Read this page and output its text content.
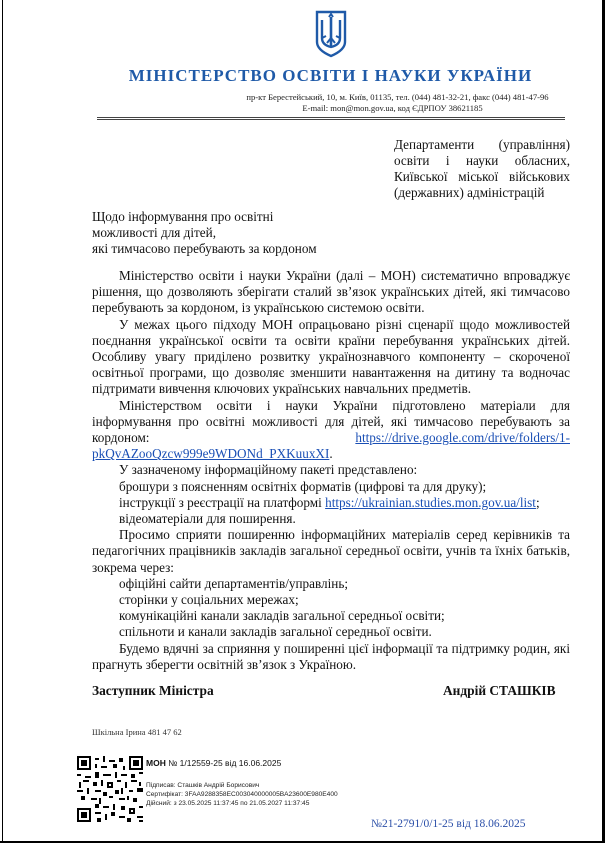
МІНІСТЕРСТВО ОСВІТИ І НАУКИ УКРАЇНИ
пр-кт Берестейський, 10, м. Київ, 01135, тел. (044) 481-32-21, факс (044) 481-47-96
E-mail: mon@mon.gov.ua, код ЄДРПОУ 38621185
Департаменти (управління)
освіти і науки обласних,
Київської міської військових
(державних) адміністрацій
Щодо інформування про освітні
можливості для дітей,
які тимчасово перебувають за кордоном

Міністерство освіти і науки України (далі – МОН) систематично впроваджує рішення, що дозволяють зберігати сталий зв’язок українських дітей, які тимчасово перебувають за кордоном, із українською системою освіти.

У межах цього підходу МОН опрацьовано різні сценарії щодо можливостей поєднання української освіти та освіти країни перебування українських дітей. Особливу увагу приділено розвитку українознавчого компоненту – скороченої освітньої програми, що дозволяє зменшити навантаження на дитину та водночас підтримати вивчення ключових українських навчальних предметів.

Міністерством освіти і науки України підготовлено матеріали для інформування про освітні можливості для дітей, які тимчасово перебувають за кордоном:	https://drive.google.com/drive/folders/1-pkQvAZooQzcw999e9WDONd_PXKuuxXI.

У зазначеному інформаційному пакеті представлено:

брошури з поясненням освітніх форматів (цифрові та для друку);
інструкції з реєстрації на платформі https://ukrainian.studies.mon.gov.ua/list;
відеоматеріали для поширення.

Просимо сприяти поширенню інформаційних матеріалів серед керівників та педагогічних працівників закладів загальної середньої освіти, учнів та їхніх батьків, зокрема через:

офіційні сайти департаментів/управлінь;
сторінки у соціальних мережах;
комунікаційні канали закладів загальної середньої освіти;
спільноти и канали закладів загальної середньої освіти.

Будемо вдячні за сприяння у поширенні цієї інформації та підтримку родин, які прагнуть зберегти освітній зв’язок з Україною.

Заступник Міністра	Андрій СТАШКІВ
Шкільна Ірина 481 47 62
МОН № 1/12559-25 від 16.06.2025
Підписав: Сташків Андрій Борисович
Сертифікат: 3FAA9288358EC003040000005BA23600E980E400
Дійсний: з 23.05.2025 11:37:45 по 21.05.2027 11:37:45
№21-2791/0/1-25 від 18.06.2025
